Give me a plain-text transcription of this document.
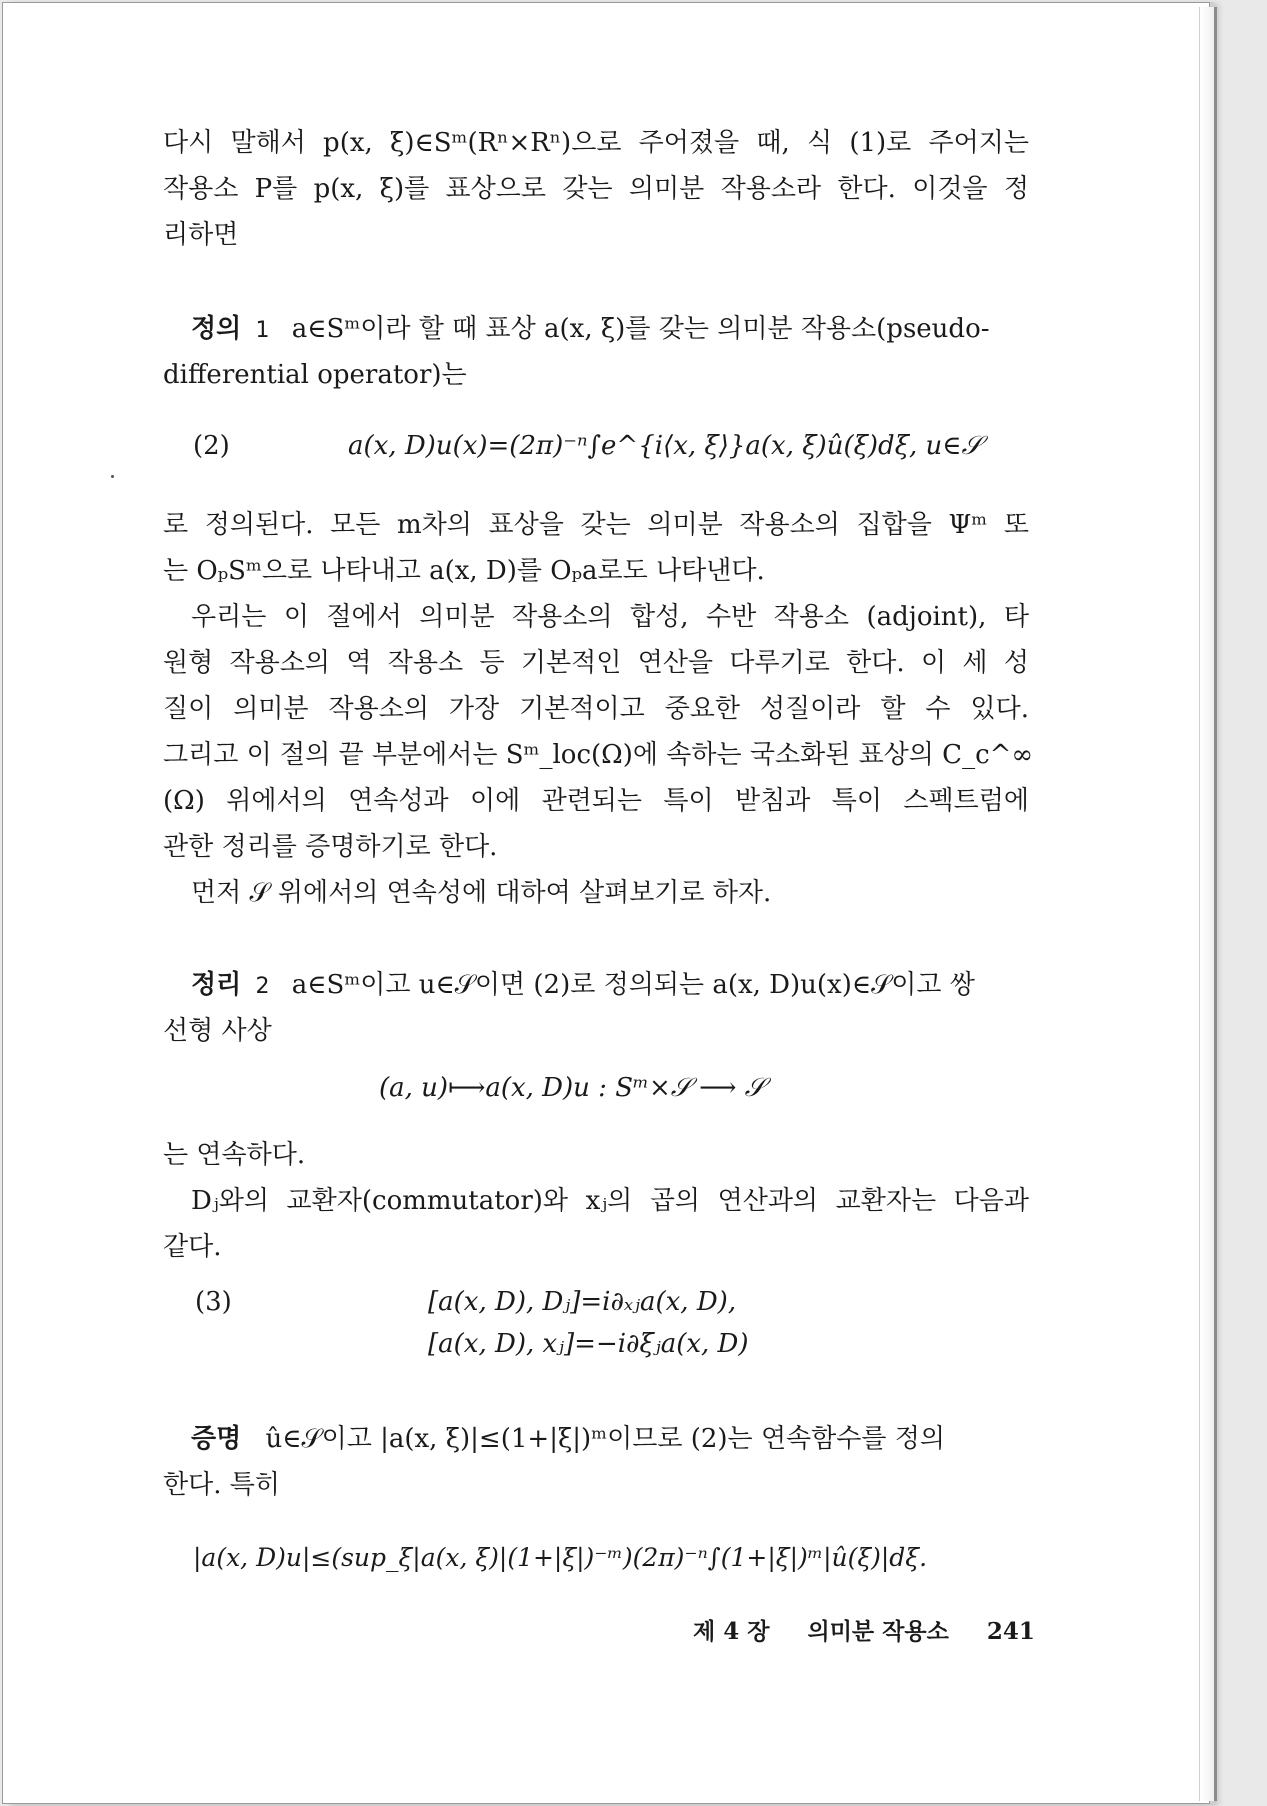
다시 말해서 p(x, ξ)∈Sᵐ(Rⁿ×Rⁿ)으로 주어졌을 때, 식 (1)로 주어지는
작용소 P를 p(x, ξ)를 표상으로 갖는 의미분 작용소라 한다. 이것을 정
리하면
정의 1 a∈Sᵐ이라 할 때 표상 a(x, ξ)를 갖는 의미분 작용소(pseudo-
differential operator)는
(2)	a(x, D)u(x)=(2π)⁻ⁿ∫e^{i⟨x, ξ⟩}a(x, ξ)û(ξ)dξ, u∈𝒮
로 정의된다. 모든 m차의 표상을 갖는 의미분 작용소의 집합을 Ψᵐ 또
는 OₚSᵐ으로 나타내고 a(x, D)를 Oₚa로도 나타낸다.
우리는 이 절에서 의미분 작용소의 합성, 수반 작용소 (adjoint), 타
원형 작용소의 역 작용소 등 기본적인 연산을 다루기로 한다. 이 세 성
질이 의미분 작용소의 가장 기본적이고 중요한 성질이라 할 수 있다.
그리고 이 절의 끝 부분에서는 Sᵐ_loc(Ω)에 속하는 국소화된 표상의 C_c^∞
(Ω) 위에서의 연속성과 이에 관련되는 특이 받침과 특이 스펙트럼에
관한 정리를 증명하기로 한다.
먼저 𝒮 위에서의 연속성에 대하여 살펴보기로 하자.
정리 2 a∈Sᵐ이고 u∈𝒮이면 (2)로 정의되는 a(x, D)u(x)∈𝒮이고 쌍
선형 사상
(a, u)⟼a(x, D)u : Sᵐ×𝒮 ⟶ 𝒮
는 연속하다.
Dⱼ와의 교환자(commutator)와 xⱼ의 곱의 연산과의 교환자는 다음과
같다.
(3)	[a(x, D), Dⱼ]=i∂ₓⱼa(x, D),
[a(x, D), xⱼ]=−i∂ξⱼa(x, D)
증명 û∈𝒮이고 |a(x, ξ)|≤(1+|ξ|)ᵐ이므로 (2)는 연속함수를 정의
한다. 특히
|a(x, D)u|≤(sup_ξ|a(x, ξ)|(1+|ξ|)⁻ᵐ)(2π)⁻ⁿ∫(1+|ξ|)ᵐ|û(ξ)|dξ.
제 4 장 의미분 작용소 241
